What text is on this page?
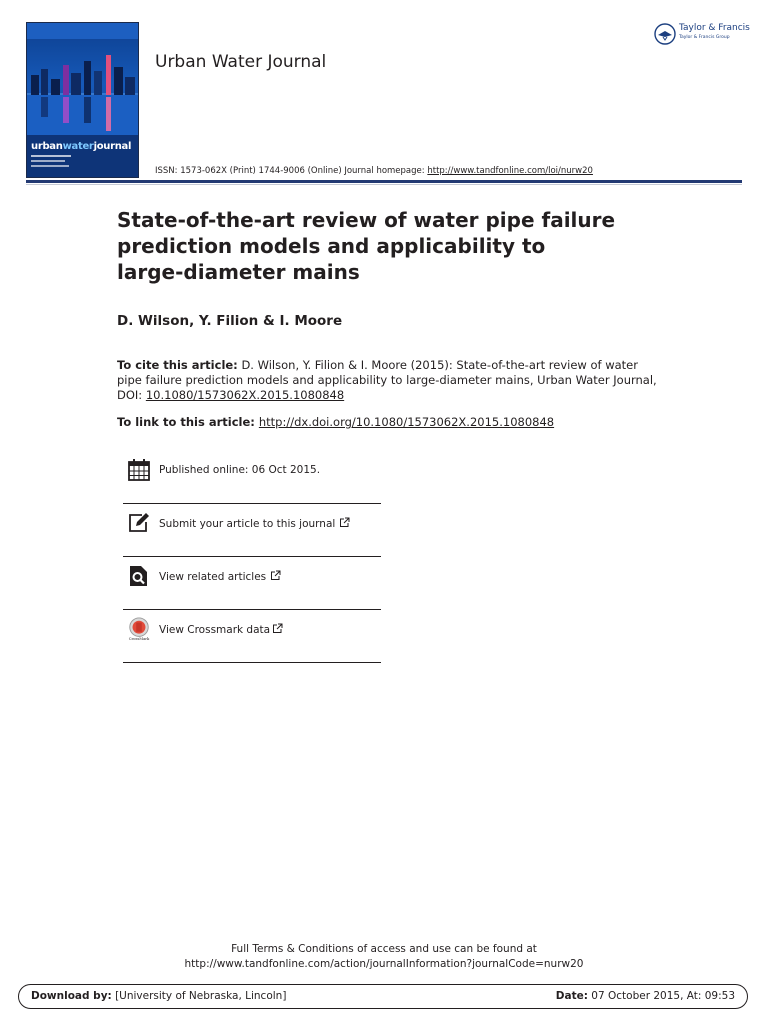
urbanwaterjournal
Urban Water Journal
Taylor & Francis
Taylor & Francis Group
ISSN: 1573-062X (Print) 1744-9006 (Online) Journal homepage: http://www.tandfonline.com/loi/nurw20
State-of-the-art review of water pipe failure prediction models and applicability to large-diameter mains
D. Wilson, Y. Filion & I. Moore
To cite this article: D. Wilson, Y. Filion & I. Moore (2015): State-of-the-art review of water pipe failure prediction models and applicability to large-diameter mains, Urban Water Journal, DOI: 10.1080/1573062X.2015.1080848
To link to this article: http://dx.doi.org/10.1080/1573062X.2015.1080848
Published online: 06 Oct 2015.
Submit your article to this journal
View related articles
CrossMark
View Crossmark data
Full Terms & Conditions of access and use can be found at
http://www.tandfonline.com/action/journalInformation?journalCode=nurw20
Download by: [University of Nebraska, Lincoln]	Date: 07 October 2015, At: 09:53
